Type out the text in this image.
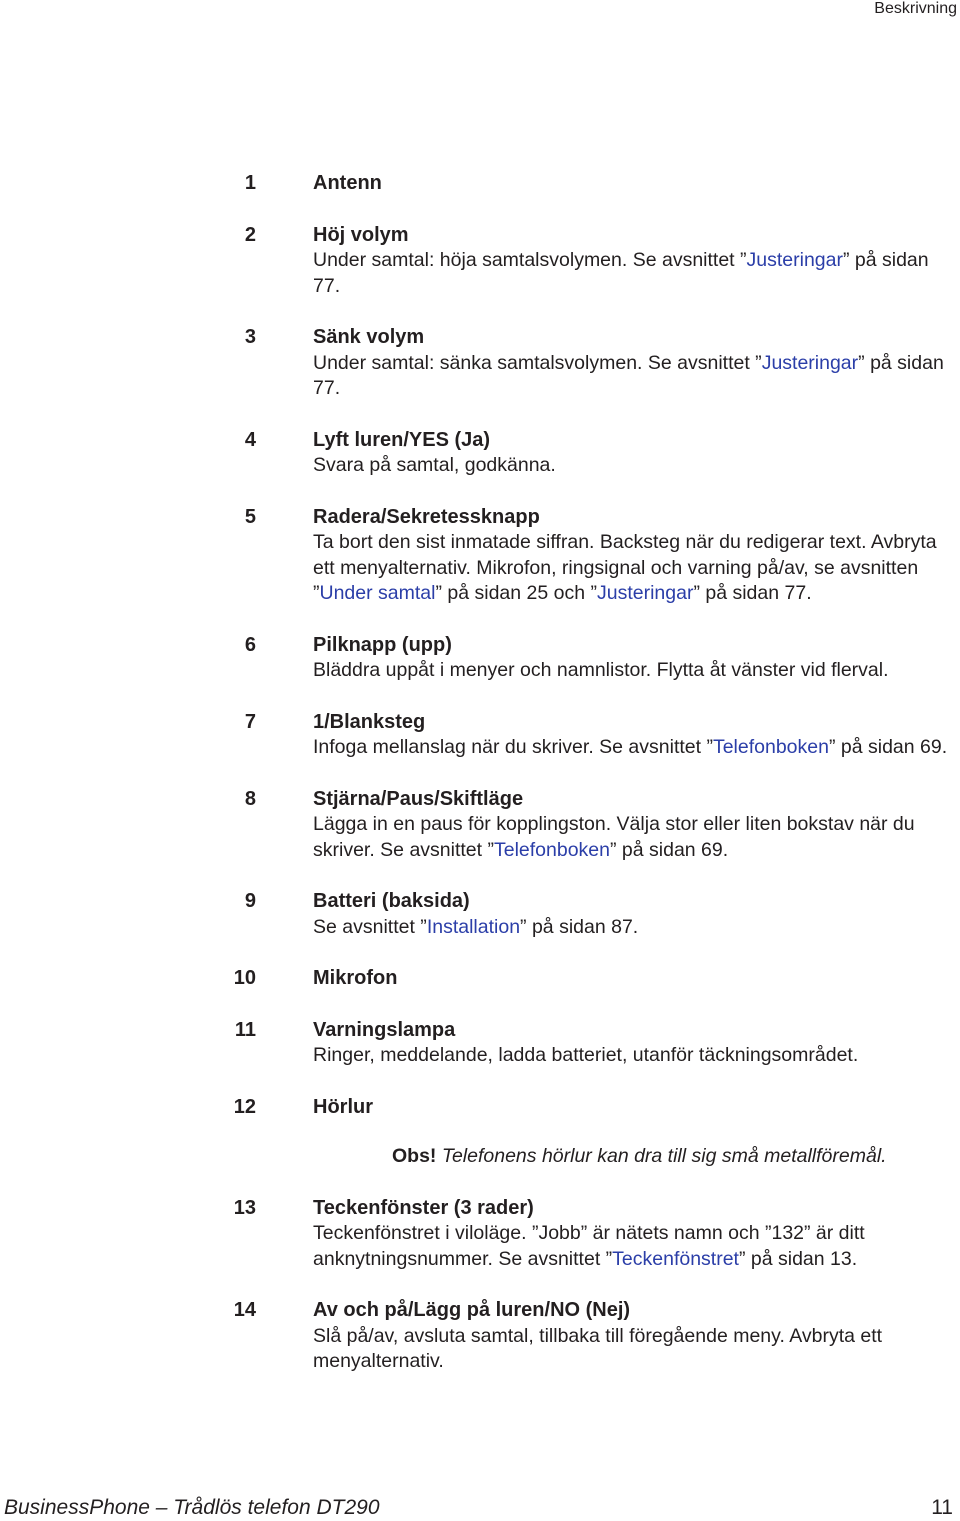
Beskrivning
1	Antenn
2	Höj volym
Under samtal: höja samtalsvolymen. Se avsnittet ”Justeringar” på sidan 77.
3	Sänk volym
Under samtal: sänka samtalsvolymen. Se avsnittet ”Justeringar” på sidan 77.
4	Lyft luren/YES (Ja)
Svara på samtal, godkänna.
5	Radera/Sekretessknapp
Ta bort den sist inmatade siffran. Backsteg när du redigerar text. Avbryta ett menyalternativ. Mikrofon, ringsignal och varning på/av, se avsnitten ”Under samtal” på sidan 25 och ”Justeringar” på sidan 77.
6	Pilknapp (upp)
Bläddra uppåt i menyer och namnlistor. Flytta åt vänster vid flerval.
7	1/Blanksteg
Infoga mellanslag när du skriver. Se avsnittet ”Telefonboken” på sidan 69.
8	Stjärna/Paus/Skiftläge
Lägga in en paus för kopplingston. Välja stor eller liten bokstav när du skriver. Se avsnittet ”Telefonboken” på sidan 69.
9	Batteri (baksida)
Se avsnittet ”Installation” på sidan 87.
10	Mikrofon
11	Varningslampa
Ringer, meddelande, ladda batteriet, utanför täckningsområdet.
12	Hörlur
Obs! Telefonens hörlur kan dra till sig små metallföremål.
13	Teckenfönster (3 rader)
Teckenfönstret i viloläge. ”Jobb” är nätets namn och ”132” är ditt anknytningsnummer. Se avsnittet ”Teckenfönstret” på sidan 13.
14	Av och på/Lägg på luren/NO (Nej)
Slå på/av, avsluta samtal, tillbaka till föregående meny. Avbryta ett menyalternativ.
BusinessPhone – Trådlös telefon DT290	11
